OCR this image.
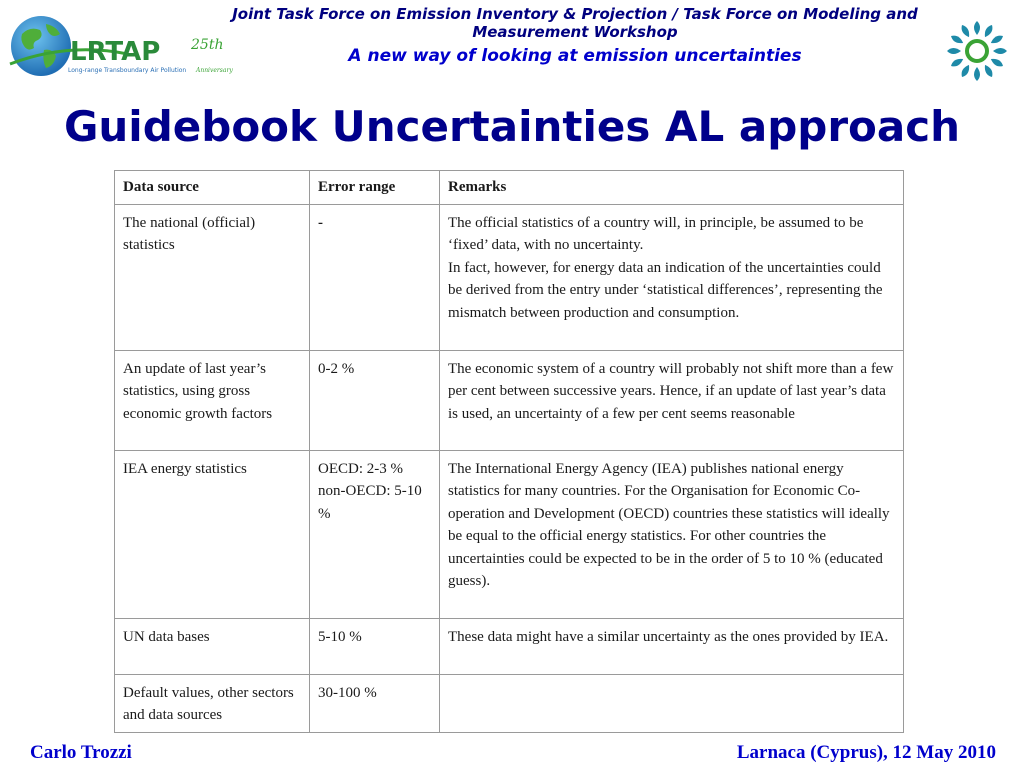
LRTAP 25th
Anniversary
Long-range Transboundary Air Pollution
Joint Task Force on Emission Inventory & Projection / Task Force on Modeling and Measurement Workshop
A new way of looking at emission uncertainties
Guidebook Uncertainties AL approach
Data source	Error range	Remarks
The national (official) statistics	-	The official statistics of a country will, in principle, be assumed to be ‘fixed’ data, with no uncertainty.
In fact, however, for energy data an indication of the uncertainties could be derived from the entry under ‘statistical differences’, representing the mismatch between production and consumption.

An update of last year’s statistics, using gross economic growth factors	0-2 %	The economic system of a country will probably not shift more than a few per cent between successive years. Hence, if an update of last year’s data is used, an uncertainty of a few per cent seems reasonable

IEA energy statistics	OECD: 2-3 % non-OECD: 5-10 %	The International Energy Agency (IEA) publishes national energy statistics for many countries. For the Organisation for Economic Co-operation and Development (OECD) countries these statistics will ideally be equal to the official energy statistics. For other countries the uncertainties could be expected to be in the order of 5 to 10 % (educated guess).

UN data bases	5-10 %	These data might have a similar uncertainty as the ones provided by IEA.

Default values, other sectors and data sources	30-100 %	
Carlo Trozzi	Larnaca (Cyprus), 12 May 2010
